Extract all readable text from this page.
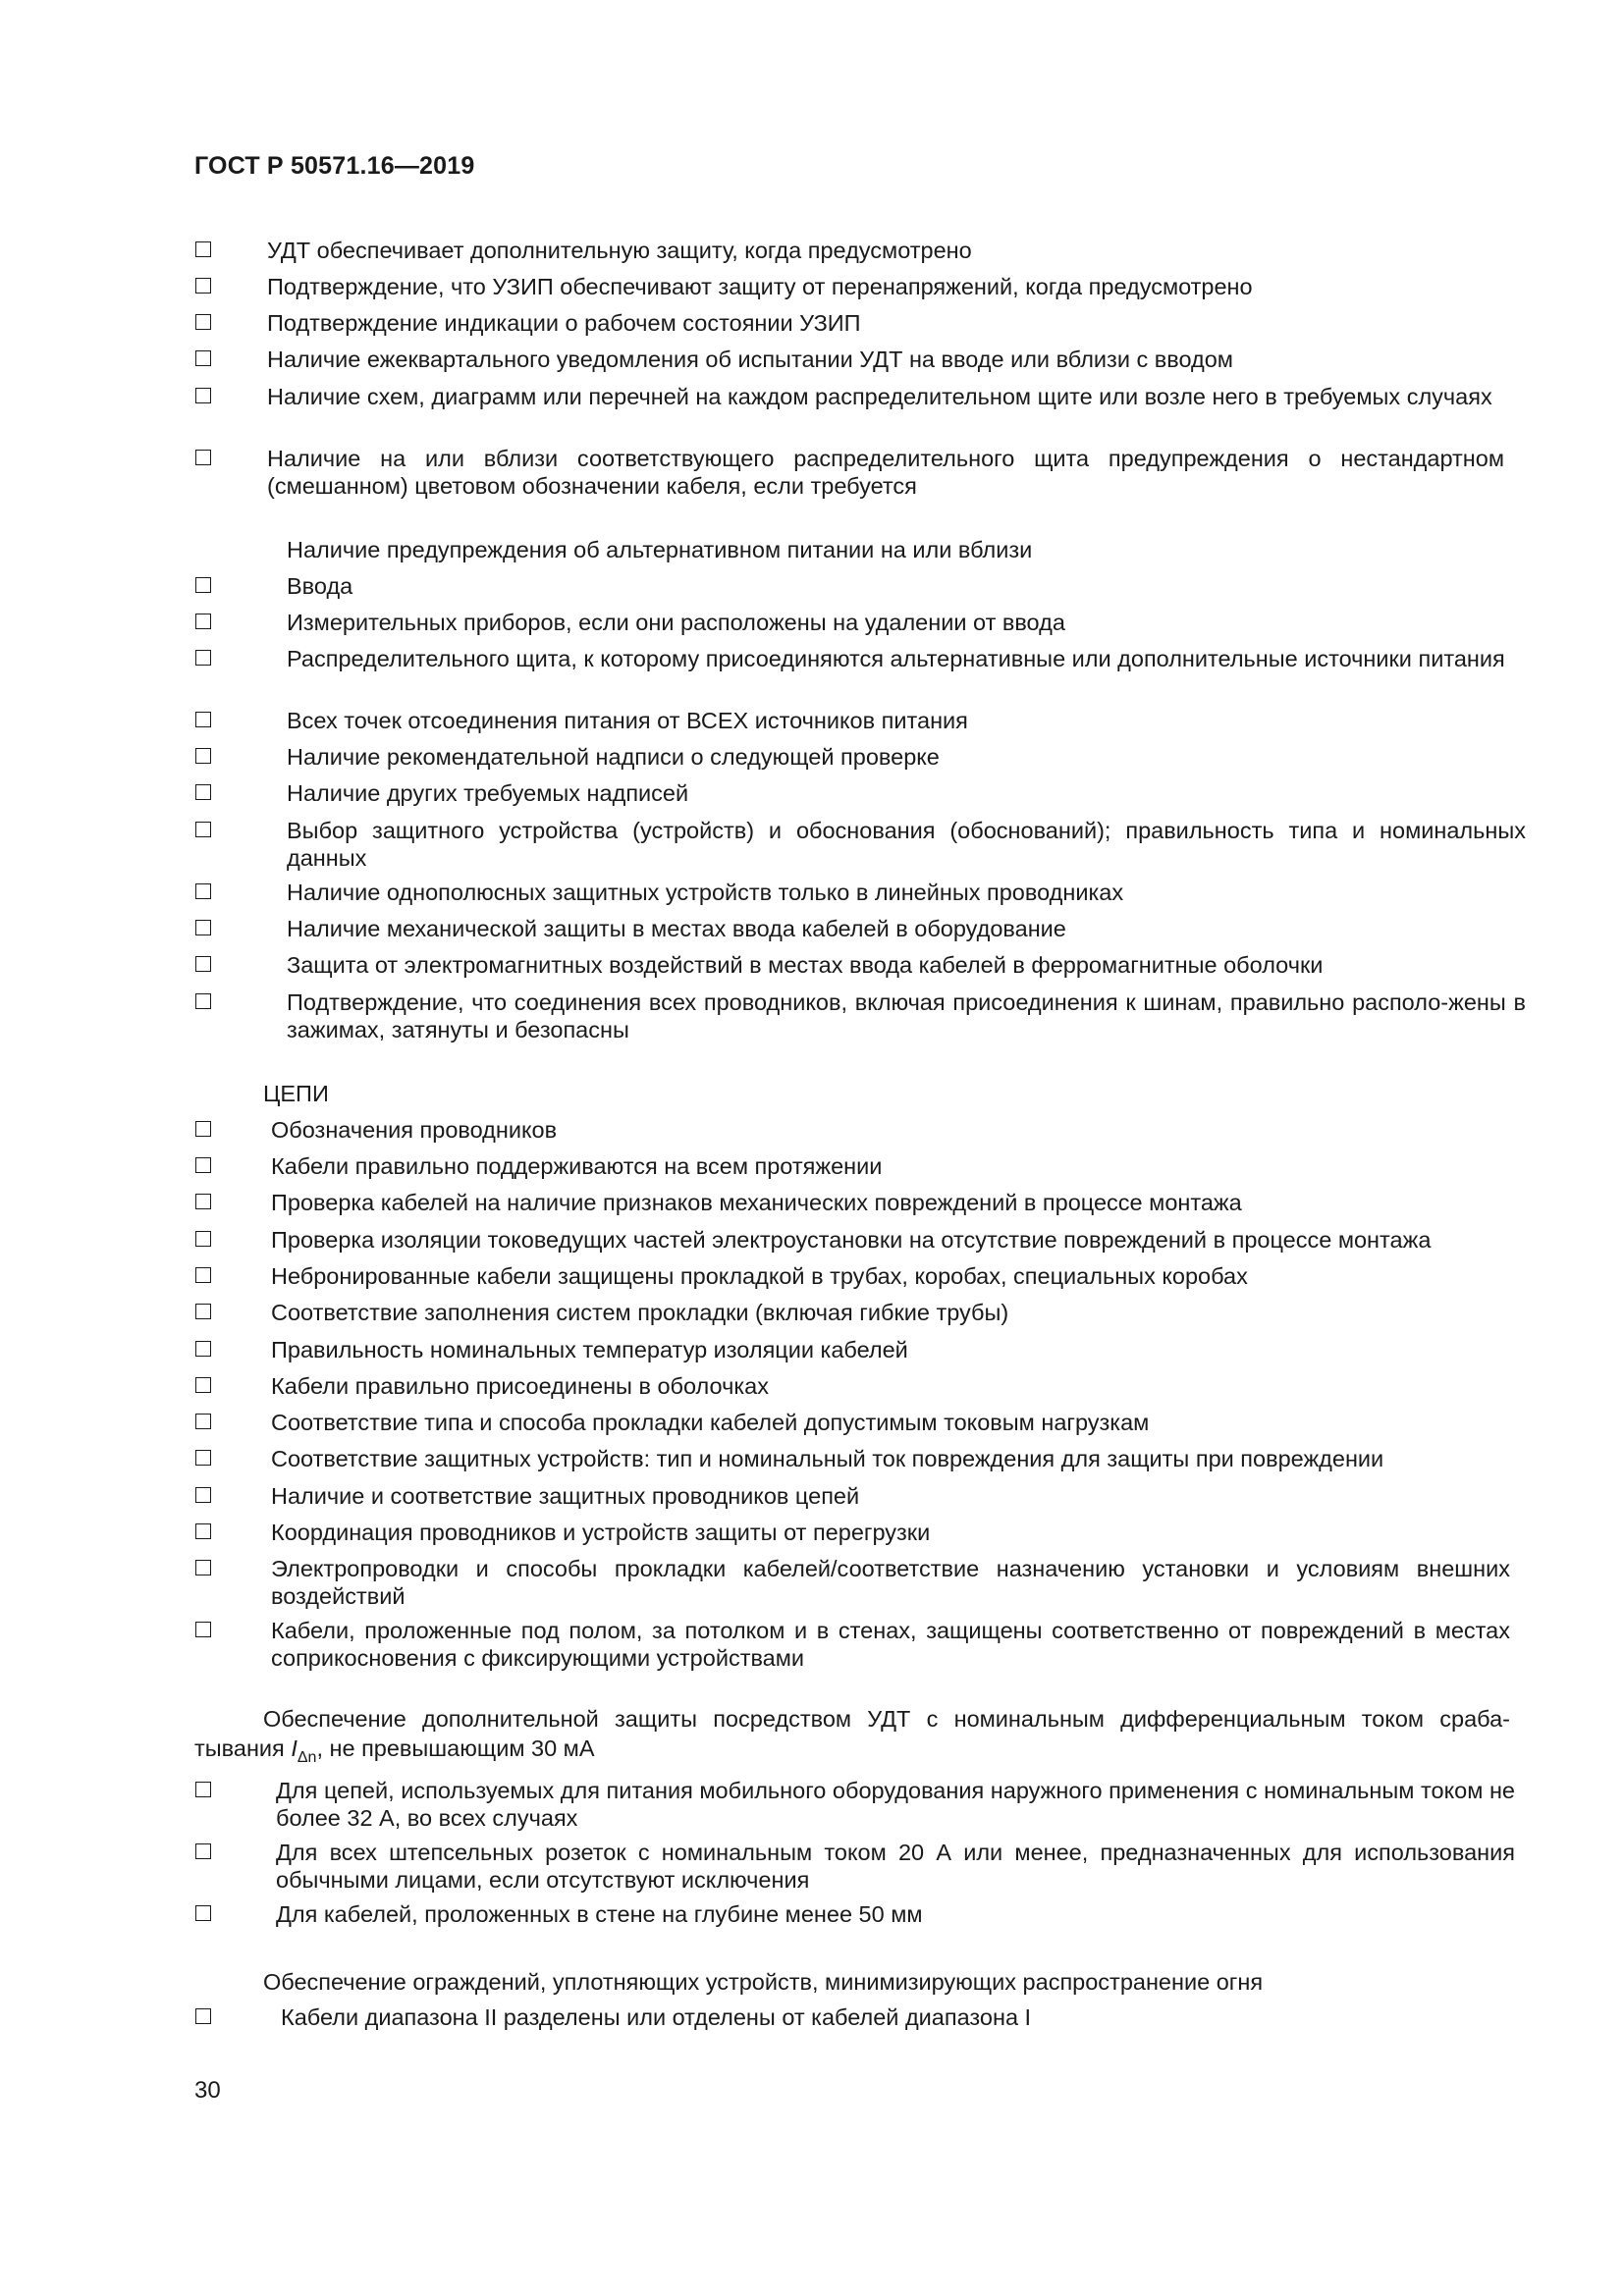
ГОСТ Р 50571.16—2019
УДТ обеспечивает дополнительную защиту, когда предусмотрено
Подтверждение, что УЗИП обеспечивают защиту от перенапряжений, когда предусмотрено
Подтверждение индикации о рабочем состоянии УЗИП
Наличие ежеквартального уведомления об испытании УДТ на вводе или вблизи с вводом
Наличие схем, диаграмм или перечней на каждом распределительном щите или возле него в требуемых случаях
Наличие на или вблизи соответствующего распределительного щита предупреждения о нестандартном (смешанном) цветовом обозначении кабеля, если требуется
Наличие предупреждения об альтернативном питании на или вблизи
Ввода
Измерительных приборов, если они расположены на удалении от ввода
Распределительного щита, к которому присоединяются альтернативные или дополнительные источники питания
Всех точек отсоединения питания от ВСЕХ источников питания
Наличие рекомендательной надписи о следующей проверке
Наличие других требуемых надписей
Выбор защитного устройства (устройств) и обоснования (обоснований); правильность типа и номинальных данных
Наличие однополюсных защитных устройств только в линейных проводниках
Наличие механической защиты в местах ввода кабелей в оборудование
Защита от электромагнитных воздействий в местах ввода кабелей в ферромагнитные оболочки
Подтверждение, что соединения всех проводников, включая присоединения к шинам, правильно располо-жены в зажимах, затянуты и безопасны
ЦЕПИ
Обозначения проводников
Кабели правильно поддерживаются на всем протяжении
Проверка кабелей на наличие признаков механических повреждений в процессе монтажа
Проверка изоляции токоведущих частей электроустановки на отсутствие повреждений в процессе монтажа
Небронированные кабели защищены прокладкой в трубах, коробах, специальных коробах
Соответствие заполнения систем прокладки (включая гибкие трубы)
Правильность номинальных температур изоляции кабелей
Кабели правильно присоединены в оболочках
Соответствие типа и способа прокладки кабелей допустимым токовым нагрузкам
Соответствие защитных устройств: тип и номинальный ток повреждения для защиты при повреждении
Наличие и соответствие защитных проводников цепей
Координация проводников и устройств защиты от перегрузки
Электропроводки и способы прокладки кабелей/соответствие назначению установки и условиям внешних воздействий
Кабели, проложенные под полом, за потолком и в стенах, защищены соответственно от повреждений в местах соприкосновения с фиксирующими устройствами
Обеспечение дополнительной защиты посредством УДТ с номинальным дифференциальным током сраба-тывания $I_{\Delta n}$, не превышающим 30 мА
Для цепей, используемых для питания мобильного оборудования наружного применения с номинальным током не более 32 А, во всех случаях
Для всех штепсельных розеток с номинальным током 20 А или менее, предназначенных для использования обычными лицами, если отсутствуют исключения
Для кабелей, проложенных в стене на глубине менее 50 мм
Обеспечение ограждений, уплотняющих устройств, минимизирующих распространение огня
Кабели диапазона II разделены или отделены от кабелей диапазона I
30
